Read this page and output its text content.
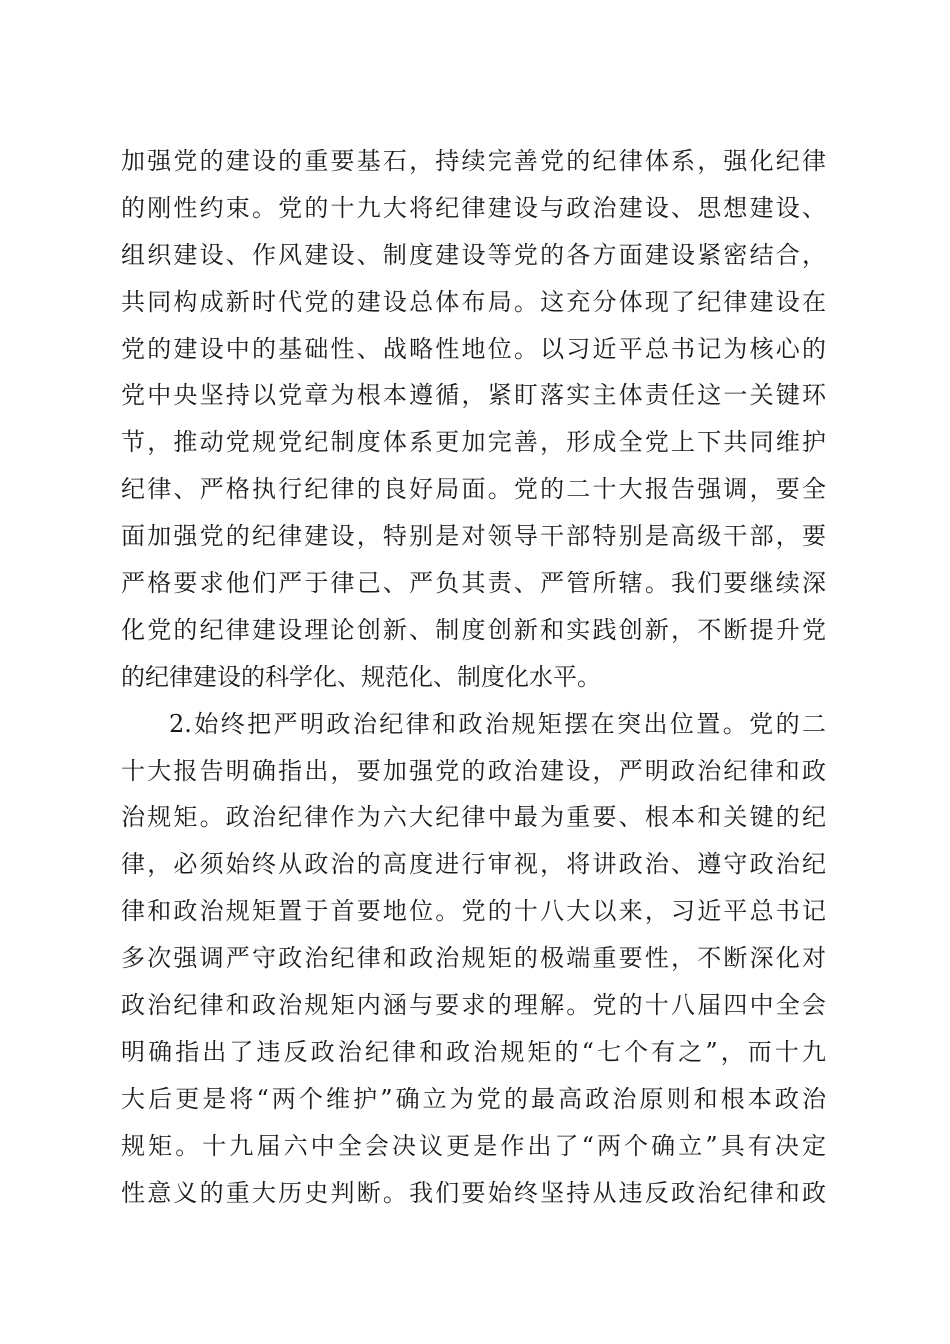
加强党的建设的重要基石，持续完善党的纪律体系，强化纪律
的刚性约束。党的十九大将纪律建设与政治建设、思想建设、
组织建设、作风建设、制度建设等党的各方面建设紧密结合，
共同构成新时代党的建设总体布局。这充分体现了纪律建设在
党的建设中的基础性、战略性地位。以习近平总书记为核心的
党中央坚持以党章为根本遵循，紧盯落实主体责任这一关键环
节，推动党规党纪制度体系更加完善，形成全党上下共同维护
纪律、严格执行纪律的良好局面。党的二十大报告强调，要全
面加强党的纪律建设，特别是对领导干部特别是高级干部，要
严格要求他们严于律己、严负其责、严管所辖。我们要继续深
化党的纪律建设理论创新、制度创新和实践创新，不断提升党
的纪律建设的科学化、规范化、制度化水平。
2.始终把严明政治纪律和政治规矩摆在突出位置。党的二
十大报告明确指出，要加强党的政治建设，严明政治纪律和政
治规矩。政治纪律作为六大纪律中最为重要、根本和关键的纪
律，必须始终从政治的高度进行审视，将讲政治、遵守政治纪
律和政治规矩置于首要地位。党的十八大以来，习近平总书记
多次强调严守政治纪律和政治规矩的极端重要性，不断深化对
政治纪律和政治规矩内涵与要求的理解。党的十八届四中全会
明确指出了违反政治纪律和政治规矩的“七个有之”，而十九
大后更是将“两个维护”确立为党的最高政治原则和根本政治
规矩。十九届六中全会决议更是作出了“两个确立”具有决定
性意义的重大历史判断。我们要始终坚持从违反政治纪律和政
